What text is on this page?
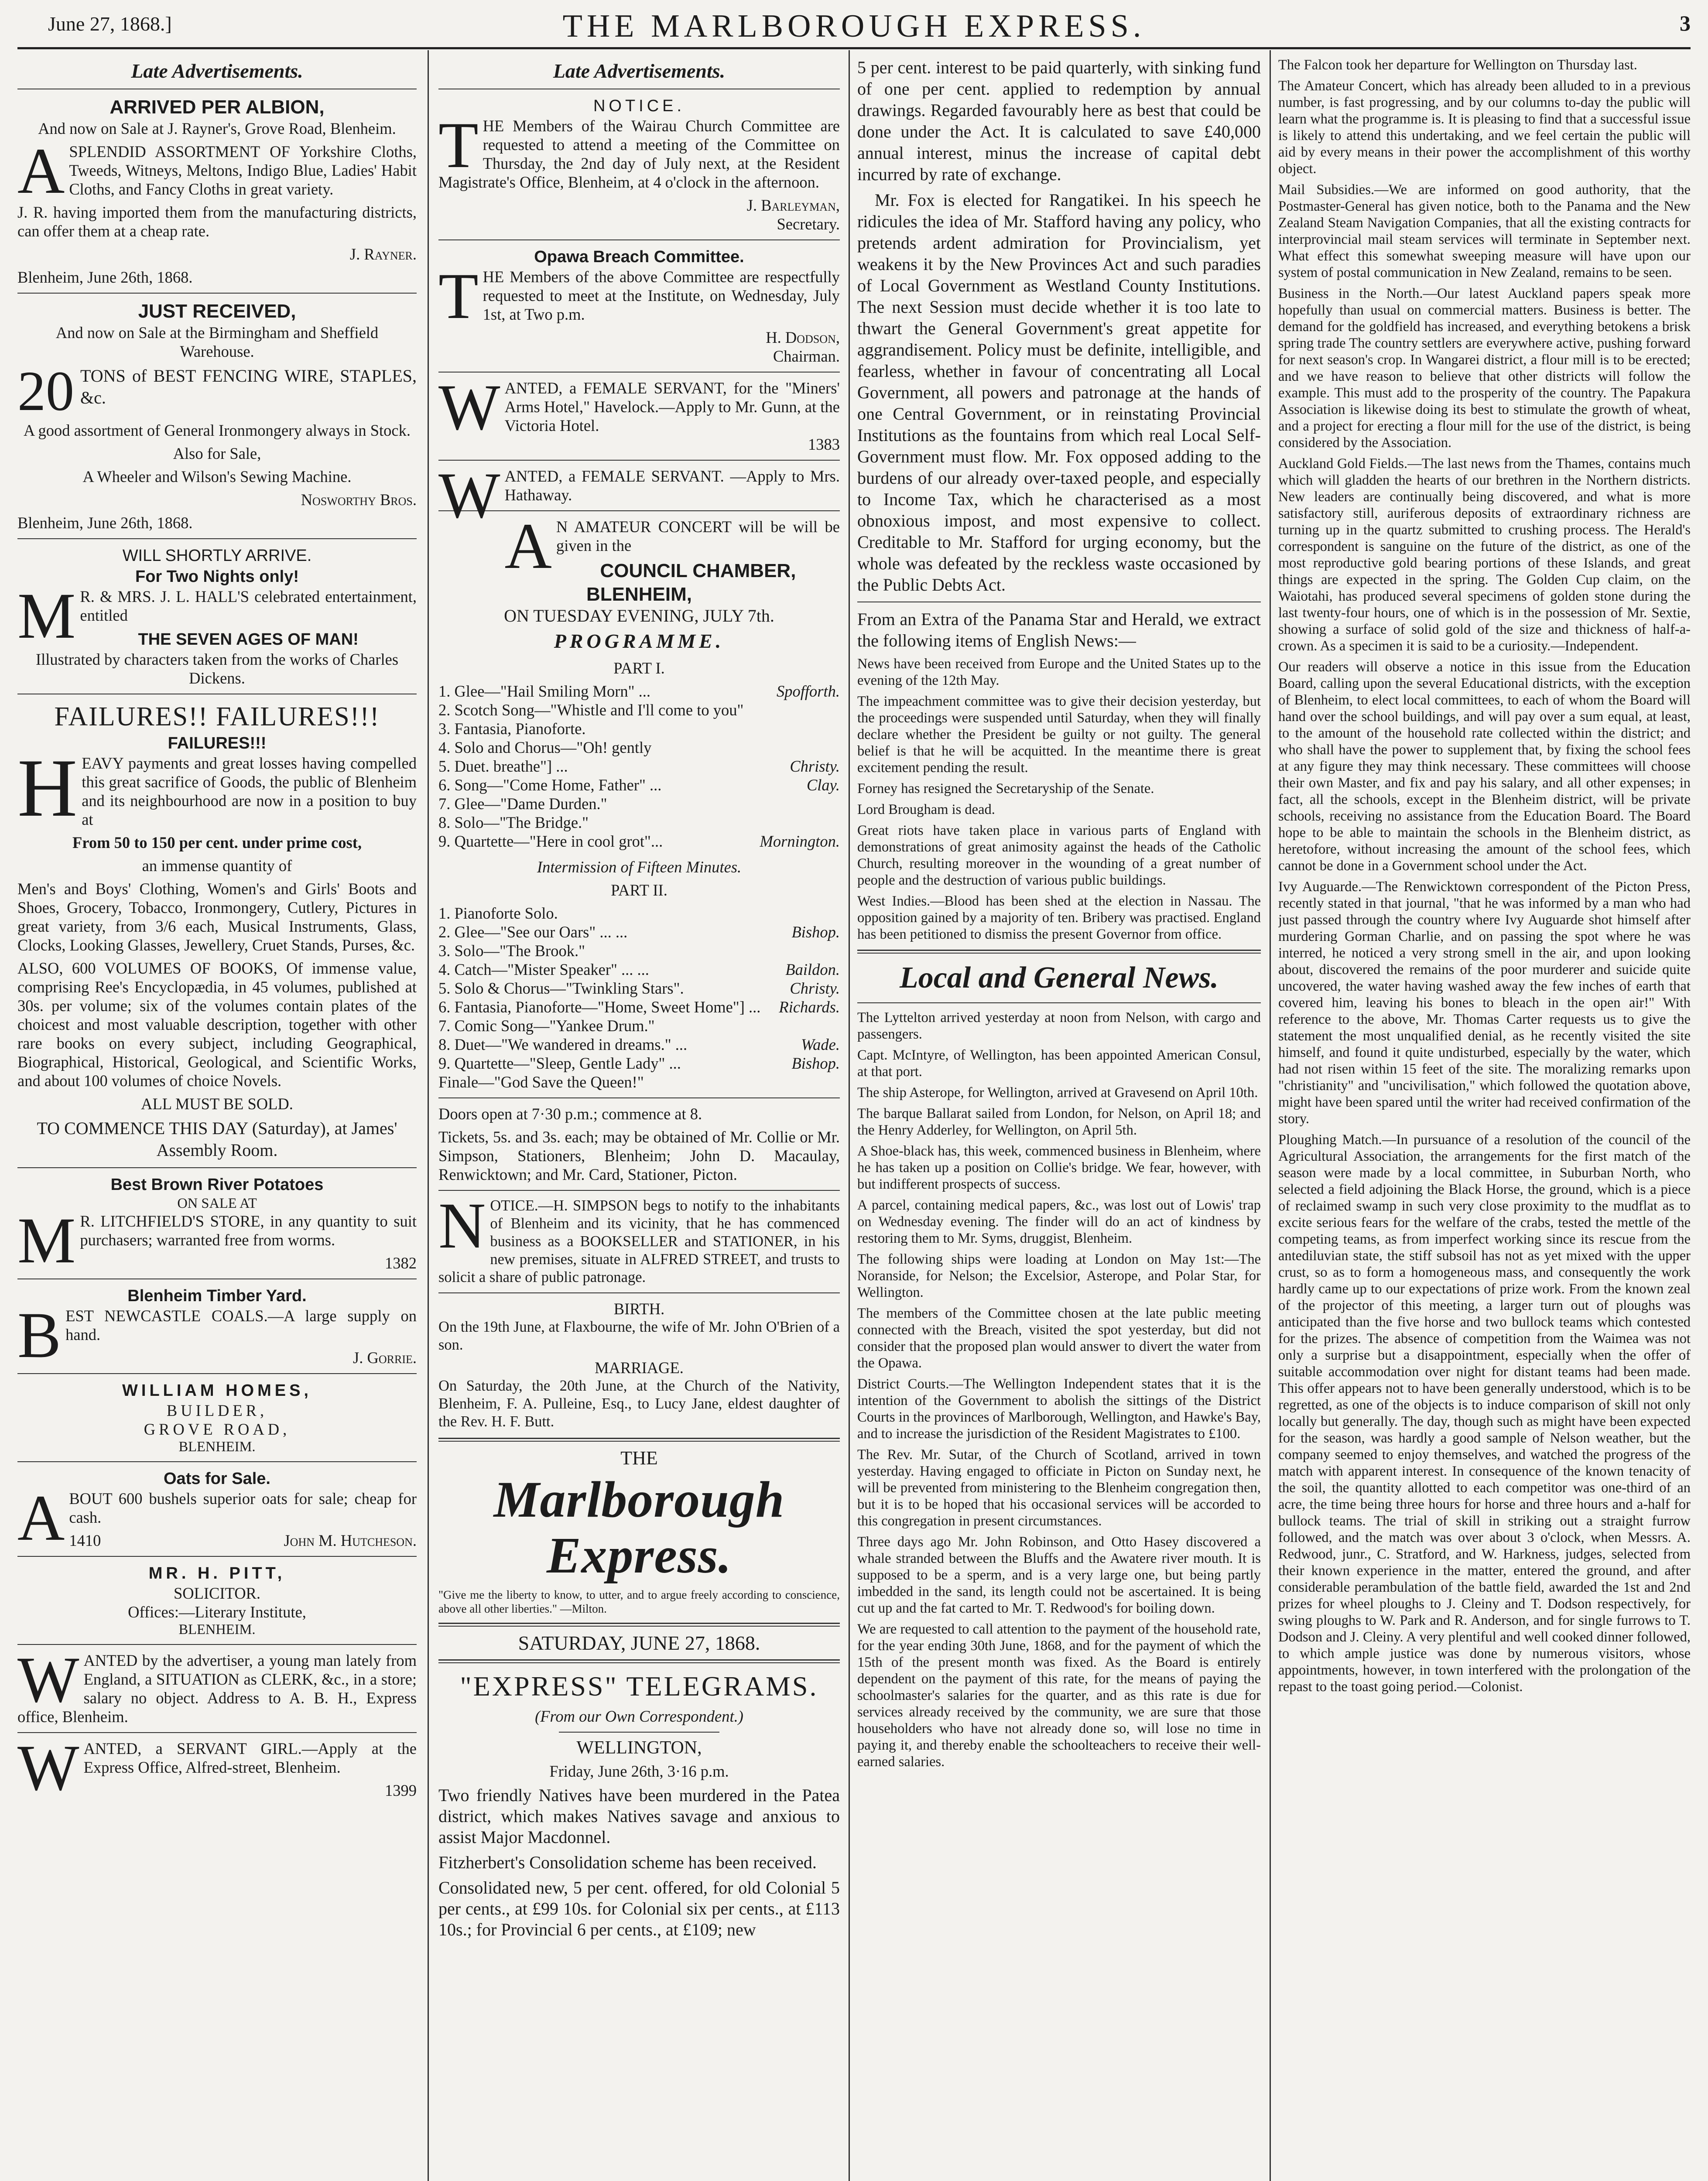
June 27, 1868.]	THE MARLBOROUGH EXPRESS.	3
Late Advertisements.
ARRIVED PER ALBION,

And now on Sale at J. Rayner's, Grove Road, Blenheim.

ASPLENDID ASSORTMENT OF Yorkshire Cloths, Tweeds, Witneys, Meltons, Indigo Blue, Ladies' Habit Cloths, and Fancy Cloths in great variety.

J. R. having imported them from the manufacturing districts, can offer them at a cheap rate.

J. Rayner.

Blenheim, June 26th, 1868.

JUST RECEIVED,

And now on Sale at the Birmingham and Sheffield Warehouse.

20 TONS of BEST FENCING WIRE, STAPLES, &c.

A good assortment of General Ironmongery always in Stock.

Also for Sale,

A Wheeler and Wilson's Sewing Machine.

Nosworthy Bros.

Blenheim, June 26th, 1868.

WILL SHORTLY ARRIVE.
For Two Nights only!

MR. & MRS. J. L. HALL'S celebrated entertainment, entitled

THE SEVEN AGES OF MAN!

Illustrated by characters taken from the works of Charles Dickens.

FAILURES!! FAILURES!!!
FAILURES!!!

HEAVY payments and great losses having compelled this great sacrifice of Goods, the public of Blenheim and its neighbourhood are now in a position to buy at

From 50 to 150 per cent. under prime cost,

an immense quantity of

Men's and Boys' Clothing, Women's and Girls' Boots and Shoes, Grocery, Tobacco, Ironmongery, Cutlery, Pictures in great variety, from 3/6 each, Musical Instruments, Glass, Clocks, Looking Glasses, Jewellery, Cruet Stands, Purses, &c.

ALSO, 600 VOLUMES OF BOOKS, Of immense value, comprising Ree's Encyclopædia, in 45 volumes, published at 30s. per volume; six of the volumes contain plates of the choicest and most valuable description, together with other rare books on every subject, including Geographical, Biographical, Historical, Geological, and Scientific Works, and about 100 volumes of choice Novels.

ALL MUST BE SOLD.

TO COMMENCE THIS DAY (Saturday), at James' Assembly Room.

Best Brown River Potatoes
ON SALE AT

MR. LITCHFIELD'S STORE, in any quantity to suit purchasers; warranted free from worms.

1382

Blenheim Timber Yard.

BEST NEWCASTLE COALS.—A large supply on hand.

J. Gorrie.

WILLIAM HOMES,
BUILDER,
GROVE ROAD,
BLENHEIM.
Oats for Sale.

ABOUT 600 bushels superior oats for sale; cheap for cash.

1410	John M. Hutcheson.
MR. H. PITT,
SOLICITOR.
Offices:—Literary Institute,
BLENHEIM.

WANTED by the advertiser, a young man lately from England, a SITUATION as CLERK, &c., in a store; salary no object. Address to A. B. H., Express office, Blenheim.

WANTED, a SERVANT GIRL.—Apply at the Express Office, Alfred-street, Blenheim.

1399

Late Advertisements.
NOTICE.

THE Members of the Wairau Church Committee are requested to attend a meeting of the Committee on Thursday, the 2nd day of July next, at the Resident Magistrate's Office, Blenheim, at 4 o'clock in the afternoon.

J. Barleyman,

Secretary.

Opawa Breach Committee.

THE Members of the above Committee are respectfully requested to meet at the Institute, on Wednesday, July 1st, at Two p.m.

H. Dodson,

Chairman.

WANTED, a FEMALE SERVANT, for the "Miners' Arms Hotel," Havelock.—Apply to Mr. Gunn, at the Victoria Hotel.

1383

WANTED, a FEMALE SERVANT. —Apply to Mrs. Hathaway.

AN AMATEUR CONCERT will be will be given in the

COUNCIL CHAMBER, BLENHEIM,

ON TUESDAY EVENING, JULY 7th.

PROGRAMME.

PART I.

1. Glee—"Hail Smiling Morn" ...	Spofforth.
2. Scotch Song—"Whistle and I'll come to you"
3. Fantasia, Pianoforte.
4. Solo and Chorus—"Oh! gently
5. Duet. breathe"] ...	Christy.
6. Song—"Come Home, Father" ...	Clay.
7. Glee—"Dame Durden."
8. Solo—"The Bridge."
9. Quartette—"Here in cool grot"...	Mornington.

Intermission of Fifteen Minutes.

PART II.

1. Pianoforte Solo.
2. Glee—"See our Oars" ... ...	Bishop.
3. Solo—"The Brook."
4. Catch—"Mister Speaker" ... ...	Baildon.
5. Solo & Chorus—"Twinkling Stars".	Christy.
6. Fantasia, Pianoforte—"Home, Sweet Home"] ... Richards.
7. Comic Song—"Yankee Drum."
8. Duet—"We wandered in dreams." ...	Wade.
9. Quartette—"Sleep, Gentle Lady" ...	Bishop.
Finale—"God Save the Queen!"

Doors open at 7·30 p.m.; commence at 8.

Tickets, 5s. and 3s. each; may be obtained of Mr. Collie or Mr. Simpson, Stationers, Blenheim; John D. Macaulay, Renwicktown; and Mr. Card, Stationer, Picton.

NOTICE.—H. SIMPSON begs to notify to the inhabitants of Blenheim and its vicinity, that he has commenced business as a BOOKSELLER and STATIONER, in his new premises, situate in ALFRED STREET, and trusts to solicit a share of public patronage.

BIRTH.

On the 19th June, at Flaxbourne, the wife of Mr. John O'Brien of a son.

MARRIAGE.

On Saturday, the 20th June, at the Church of the Nativity, Blenheim, F. A. Pulleine, Esq., to Lucy Jane, eldest daughter of the Rev. H. F. Butt.

THE
Marlborough Express.

"Give me the liberty to know, to utter, and to argue freely according to conscience, above all other liberties." —Milton.

SATURDAY, JUNE 27, 1868.
"EXPRESS" TELEGRAMS.

(From our Own Correspondent.)

WELLINGTON,

Friday, June 26th, 3·16 p.m.

Two friendly Natives have been murdered in the Patea district, which makes Natives savage and anxious to assist Major Macdonnel.

Fitzherbert's Consolidation scheme has been received.

Consolidated new, 5 per cent. offered, for old Colonial 5 per cents., at £99 10s. for Colonial six per cents., at £113 10s.; for Provincial 6 per cents., at £109; new

5 per cent. interest to be paid quarterly, with sinking fund of one per cent. applied to redemption by annual drawings. Regarded favourably here as best that could be done under the Act. It is calculated to save £40,000 annual interest, minus the increase of capital debt incurred by rate of exchange.

Mr. Fox is elected for Rangatikei. In his speech he ridicules the idea of Mr. Stafford having any policy, who pretends ardent admiration for Provincialism, yet weakens it by the New Provinces Act and such paradies of Local Government as Westland County Institutions. The next Session must decide whether it is too late to thwart the General Government's great appetite for aggrandisement. Policy must be definite, intelligible, and fearless, whether in favour of concentrating all Local Government, all powers and patronage at the hands of one Central Government, or in reinstating Provincial Institutions as the fountains from which real Local Self-Government must flow. Mr. Fox opposed adding to the burdens of our already over-taxed people, and especially to Income Tax, which he characterised as a most obnoxious impost, and most expensive to collect. Creditable to Mr. Stafford for urging economy, but the whole was defeated by the reckless waste occasioned by the Public Debts Act.

From an Extra of the Panama Star and Herald, we extract the following items of English News:—

News have been received from Europe and the United States up to the evening of the 12th May.

The impeachment committee was to give their decision yesterday, but the proceedings were suspended until Saturday, when they will finally declare whether the President be guilty or not guilty. The general belief is that he will be acquitted. In the meantime there is great excitement pending the result.

Forney has resigned the Secretaryship of the Senate.

Lord Brougham is dead.

Great riots have taken place in various parts of England with demonstrations of great animosity against the heads of the Catholic Church, resulting moreover in the wounding of a great number of people and the destruction of various public buildings.

West Indies.—Blood has been shed at the election in Nassau. The opposition gained by a majority of ten. Bribery was practised. England has been petitioned to dismiss the present Governor from office.

Local and General News.

The Lyttelton arrived yesterday at noon from Nelson, with cargo and passengers.

Capt. McIntyre, of Wellington, has been appointed American Consul, at that port.

The ship Asterope, for Wellington, arrived at Gravesend on April 10th.

The barque Ballarat sailed from London, for Nelson, on April 18; and the Henry Adderley, for Wellington, on April 5th.

A Shoe-black has, this week, commenced business in Blenheim, where he has taken up a position on Collie's bridge. We fear, however, with but indifferent prospects of success.

A parcel, containing medical papers, &c., was lost out of Lowis' trap on Wednesday evening. The finder will do an act of kindness by restoring them to Mr. Syms, druggist, Blenheim.

The following ships were loading at London on May 1st:—The Noranside, for Nelson; the Excelsior, Asterope, and Polar Star, for Wellington.

The members of the Committee chosen at the late public meeting connected with the Breach, visited the spot yesterday, but did not consider that the proposed plan would answer to divert the water from the Opawa.

District Courts.—The Wellington Independent states that it is the intention of the Government to abolish the sittings of the District Courts in the provinces of Marlborough, Wellington, and Hawke's Bay, and to increase the jurisdiction of the Resident Magistrates to £100.

The Rev. Mr. Sutar, of the Church of Scotland, arrived in town yesterday. Having engaged to officiate in Picton on Sunday next, he will be prevented from ministering to the Blenheim congregation then, but it is to be hoped that his occasional services will be accorded to this congregation in present circumstances.

Three days ago Mr. John Robinson, and Otto Hasey discovered a whale stranded between the Bluffs and the Awatere river mouth. It is supposed to be a sperm, and is a very large one, but being partly imbedded in the sand, its length could not be ascertained. It is being cut up and the fat carted to Mr. T. Redwood's for boiling down.

We are requested to call attention to the payment of the household rate, for the year ending 30th June, 1868, and for the payment of which the 15th of the present month was fixed. As the Board is entirely dependent on the payment of this rate, for the means of paying the schoolmaster's salaries for the quarter, and as this rate is due for services already received by the community, we are sure that those householders who have not already done so, will lose no time in paying it, and thereby enable the schoolteachers to receive their well-earned salaries.

The Falcon took her departure for Wellington on Thursday last.

The Amateur Concert, which has already been alluded to in a previous number, is fast progressing, and by our columns to-day the public will learn what the programme is. It is pleasing to find that a successful issue is likely to attend this undertaking, and we feel certain the public will aid by every means in their power the accomplishment of this worthy object.

Mail Subsidies.—We are informed on good authority, that the Postmaster-General has given notice, both to the Panama and the New Zealand Steam Navigation Companies, that all the existing contracts for interprovincial mail steam services will terminate in September next. What effect this somewhat sweeping measure will have upon our system of postal communication in New Zealand, remains to be seen.

Business in the North.—Our latest Auckland papers speak more hopefully than usual on commercial matters. Business is better. The demand for the goldfield has increased, and everything betokens a brisk spring trade The country settlers are everywhere active, pushing forward for next season's crop. In Wangarei district, a flour mill is to be erected; and we have reason to believe that other districts will follow the example. This must add to the prosperity of the country. The Papakura Association is likewise doing its best to stimulate the growth of wheat, and a project for erecting a flour mill for the use of the district, is being considered by the Association.

Auckland Gold Fields.—The last news from the Thames, contains much which will gladden the hearts of our brethren in the Northern districts. New leaders are continually being discovered, and what is more satisfactory still, auriferous deposits of extraordinary richness are turning up in the quartz submitted to crushing process. The Herald's correspondent is sanguine on the future of the district, as one of the most reproductive gold bearing portions of these Islands, and great things are expected in the spring. The Golden Cup claim, on the Waiotahi, has produced several specimens of golden stone during the last twenty-four hours, one of which is in the possession of Mr. Sextie, showing a surface of solid gold of the size and thickness of half-a-crown. As a specimen it is said to be a curiosity.—Independent.

Our readers will observe a notice in this issue from the Education Board, calling upon the several Educational districts, with the exception of Blenheim, to elect local committees, to each of whom the Board will hand over the school buildings, and will pay over a sum equal, at least, to the amount of the household rate collected within the district; and who shall have the power to supplement that, by fixing the school fees at any figure they may think necessary. These committees will choose their own Master, and fix and pay his salary, and all other expenses; in fact, all the schools, except in the Blenheim district, will be private schools, receiving no assistance from the Education Board. The Board hope to be able to maintain the schools in the Blenheim district, as heretofore, without increasing the amount of the school fees, which cannot be done in a Government school under the Act.

Ivy Auguarde.—The Renwicktown correspondent of the Picton Press, recently stated in that journal, "that he was informed by a man who had just passed through the country where Ivy Auguarde shot himself after murdering Gorman Charlie, and on passing the spot where he was interred, he noticed a very strong smell in the air, and upon looking about, discovered the remains of the poor murderer and suicide quite uncovered, the water having washed away the few inches of earth that covered him, leaving his bones to bleach in the open air!" With reference to the above, Mr. Thomas Carter requests us to give the statement the most unqualified denial, as he recently visited the site himself, and found it quite undisturbed, especially by the water, which had not risen within 15 feet of the site. The moralizing remarks upon "christianity" and "uncivilisation," which followed the quotation above, might have been spared until the writer had received confirmation of the story.

Ploughing Match.—In pursuance of a resolution of the council of the Agricultural Association, the arrangements for the first match of the season were made by a local committee, in Suburban North, who selected a field adjoining the Black Horse, the ground, which is a piece of reclaimed swamp in such very close proximity to the mudflat as to excite serious fears for the welfare of the crabs, tested the mettle of the competing teams, as from imperfect working since its rescue from the antediluvian state, the stiff subsoil has not as yet mixed with the upper crust, so as to form a homogeneous mass, and consequently the work hardly came up to our expectations of prize work. From the known zeal of the projector of this meeting, a larger turn out of ploughs was anticipated than the five horse and two bullock teams which contested for the prizes. The absence of competition from the Waimea was not only a surprise but a disappointment, especially when the offer of suitable accommodation over night for distant teams had been made. This offer appears not to have been generally understood, which is to be regretted, as one of the objects is to induce comparison of skill not only locally but generally. The day, though such as might have been expected for the season, was hardly a good sample of Nelson weather, but the company seemed to enjoy themselves, and watched the progress of the match with apparent interest. In consequence of the known tenacity of the soil, the quantity allotted to each competitor was one-third of an acre, the time being three hours for horse and three hours and a-half for bullock teams. The trial of skill in striking out a straight furrow followed, and the match was over about 3 o'clock, when Messrs. A. Redwood, junr., C. Stratford, and W. Harkness, judges, selected from their known experience in the matter, entered the ground, and after considerable perambulation of the battle field, awarded the 1st and 2nd prizes for wheel ploughs to J. Cleiny and T. Dodson respectively, for swing ploughs to W. Park and R. Anderson, and for single furrows to T. Dodson and J. Cleiny. A very plentiful and well cooked dinner followed, to which ample justice was done by numerous visitors, whose appointments, however, in town interfered with the prolongation of the repast to the toast going period.—Colonist.
